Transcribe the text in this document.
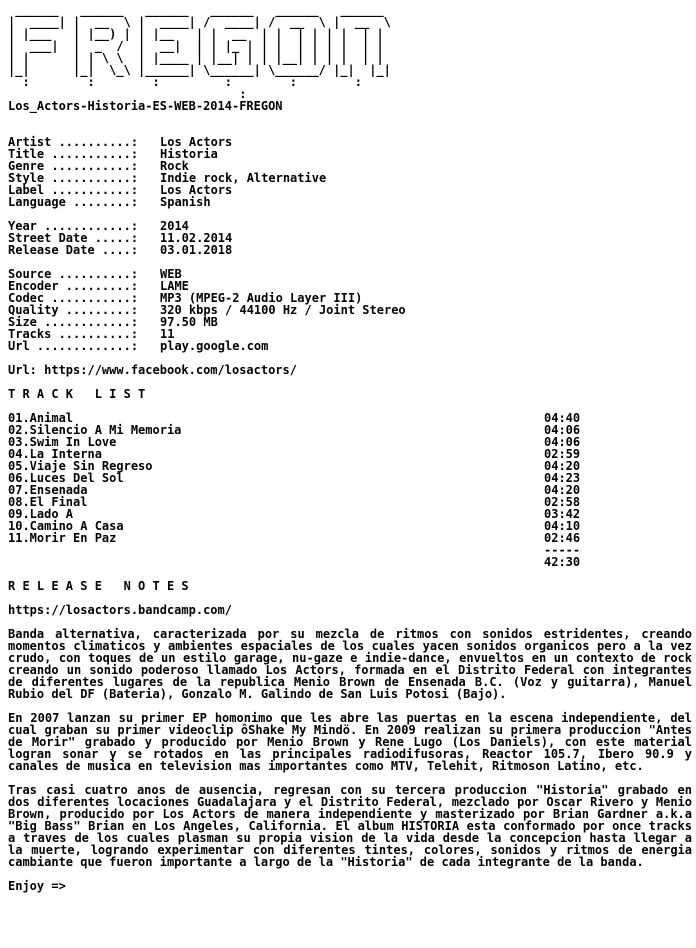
______   ______   ______   ______   ______   ______
|  ____| |  __  \ |  ____| /  ____| /  __  \ |  __  \
| |___   | |__) | | |__   | |  __  | |  | | | |  | |
|  ___|  |  _  /  |  __|  | | |_ | | |  | | | |  | |
| |      | | \ \  | |____ | |__| | | |__| | | |  | |
|_|      |_|  \_\ |______| \______| \______/ |_|  |_|
:        :        :         :        :        :
:

Los_Actors-Historia-ES-WEB-2014-FREGON
Artist ..........:	Los Actors
Title ...........:	Historia
Genre ...........:	Rock
Style ...........:	Indie rock, Alternative
Label ...........:	Los Actors
Language ........:	Spanish
Year ............:	2014
Street Date .....:	11.02.2014
Release Date ....:	03.01.2018
Source ..........:	WEB
Encoder .........:	LAME
Codec ...........:	MP3 (MPEG-2 Audio Layer III)
Quality .........:	320 kbps / 44100 Hz / Joint Stereo
Size ............:	97.50 MB
Tracks ..........:	11
Url .............:	play.google.com
Url: https://www.facebook.com/losactors/
T R A C K   L I S T
01.Animal	04:40
02.Silencio A Mi Memoria	04:06
03.Swim In Love	04:06
04.La Interna	02:59
05.Viaje Sin Regreso	04:20
06.Luces Del Sol	04:23
07.Ensenada	04:20
08.El Final	02:58
09.Lado A	03:42
10.Camino A Casa	04:10
11.Morir En Paz	02:46
-----
42:30
R E L E A S E   N O T E S
https://losactors.bandcamp.com/

Banda alternativa, caracterizada por su mezcla de ritmos con sonidos estridentes, creando momentos climaticos y ambientes espaciales de los cuales yacen sonidos organicos pero a la vez crudo, con toques de un estilo garage, nu-gaze e indie-dance, envueltos en un contexto de rock creando un sonido poderoso llamado Los Actors, formada en el Distrito Federal con integrantes de diferentes lugares de la republica Menio Brown de Ensenada B.C. (Voz y guitarra), Manuel Rubio del DF (Bateria), Gonzalo M. Galindo de San Luis Potosi (Bajo).

En 2007 lanzan su primer EP homonimo que les abre las puertas en la escena independiente, del cual graban su primer videoclip ôShake My Mindö. En 2009 realizan su primera produccion "Antes de Morir" grabado y producido por Menio Brown y Rene Lugo (Los Daniels), con este material logran sonar y se rotados en las principales radiodifusoras, Reactor 105.7, Ibero 90.9 y canales de musica en television mas importantes como MTV, Telehit, Ritmoson Latino, etc.

Tras casi cuatro anos de ausencia, regresan con su tercera produccion "Historia" grabado en dos diferentes locaciones Guadalajara y el Distrito Federal, mezclado por Oscar Rivero y Menio Brown, producido por Los Actors de manera independiente y masterizado por Brian Gardner a.k.a "Big Bass" Brian en Los Angeles, California. El album HISTORIA esta conformado por once tracks a traves de los cuales plasman su propia vision de la vida desde la concepcion hasta llegar a la muerte, logrando experimentar con diferentes tintes, colores, sonidos y ritmos de energia cambiante que fueron importante a largo de la "Historia" de cada integrante de la banda.

Enjoy =>
